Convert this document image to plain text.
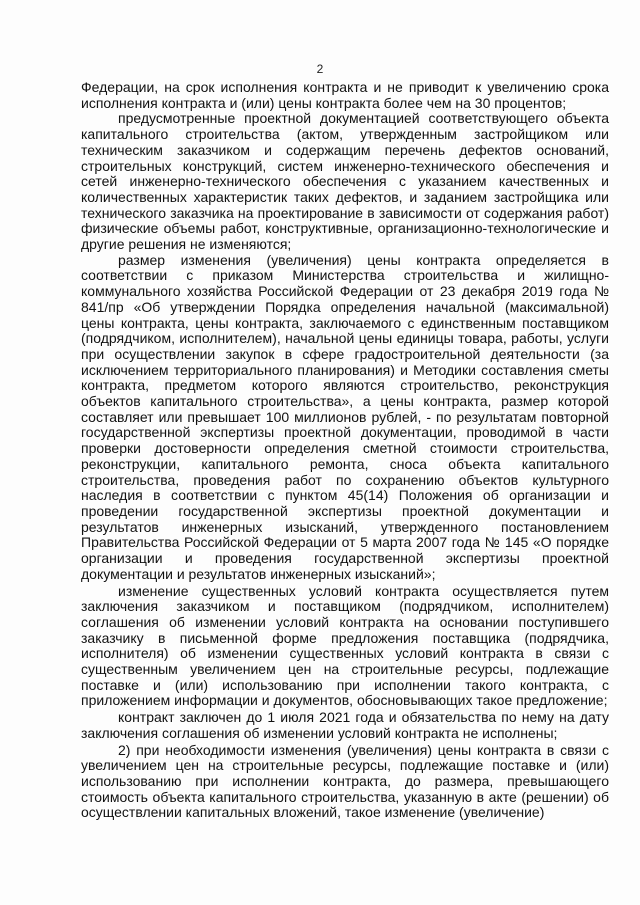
2

Федерации, на срок исполнения контракта и не приводит к увеличению срока исполнения контракта и (или) цены контракта более чем на 30 процентов;

предусмотренные проектной документацией соответствующего объекта капитального строительства (актом, утвержденным застройщиком или техническим заказчиком и содержащим перечень дефектов оснований, строительных конструкций, систем инженерно-технического обеспечения и сетей инженерно-технического обеспечения с указанием качественных и количественных характеристик таких дефектов, и заданием застройщика или технического заказчика на проектирование в зависимости от содержания работ) физические объемы работ, конструктивные, организационно-технологические и другие решения не изменяются;

размер изменения (увеличения) цены контракта определяется в соответствии с приказом Министерства строительства и жилищно-коммунального хозяйства Российской Федерации от 23 декабря 2019 года № 841/пр «Об утверждении Порядка определения начальной (максимальной) цены контракта, цены контракта, заключаемого с единственным поставщиком (подрядчиком, исполнителем), начальной цены единицы товара, работы, услуги при осуществлении закупок в сфере градостроительной деятельности (за исключением территориального планирования) и Методики составления сметы контракта, предметом которого являются строительство, реконструкция объектов капитального строительства», а цены контракта, размер которой составляет или превышает 100 миллионов рублей, - по результатам повторной государственной экспертизы проектной документации, проводимой в части проверки достоверности определения сметной стоимости строительства, реконструкции, капитального ремонта, сноса объекта капитального строительства, проведения работ по сохранению объектов культурного наследия в соответствии с пунктом 45(14) Положения об организации и проведении государственной экспертизы проектной документации и результатов инженерных изысканий, утвержденного постановлением Правительства Российской Федерации от 5 марта 2007 года № 145 «О порядке организации и проведения государственной экспертизы проектной документации и результатов инженерных изысканий»;

изменение существенных условий контракта осуществляется путем заключения заказчиком и поставщиком (подрядчиком, исполнителем) соглашения об изменении условий контракта на основании поступившего заказчику в письменной форме предложения поставщика (подрядчика, исполнителя) об изменении существенных условий контракта в связи с существенным увеличением цен на строительные ресурсы, подлежащие поставке и (или) использованию при исполнении такого контракта, с приложением информации и документов, обосновывающих такое предложение;

контракт заключен до 1 июля 2021 года и обязательства по нему на дату заключения соглашения об изменении условий контракта не исполнены;

2) при необходимости изменения (увеличения) цены контракта в связи с увеличением цен на строительные ресурсы, подлежащие поставке и (или) использованию при исполнении контракта, до размера, превышающего стоимость объекта капитального строительства, указанную в акте (решении) об осуществлении капитальных вложений, такое изменение (увеличение)
